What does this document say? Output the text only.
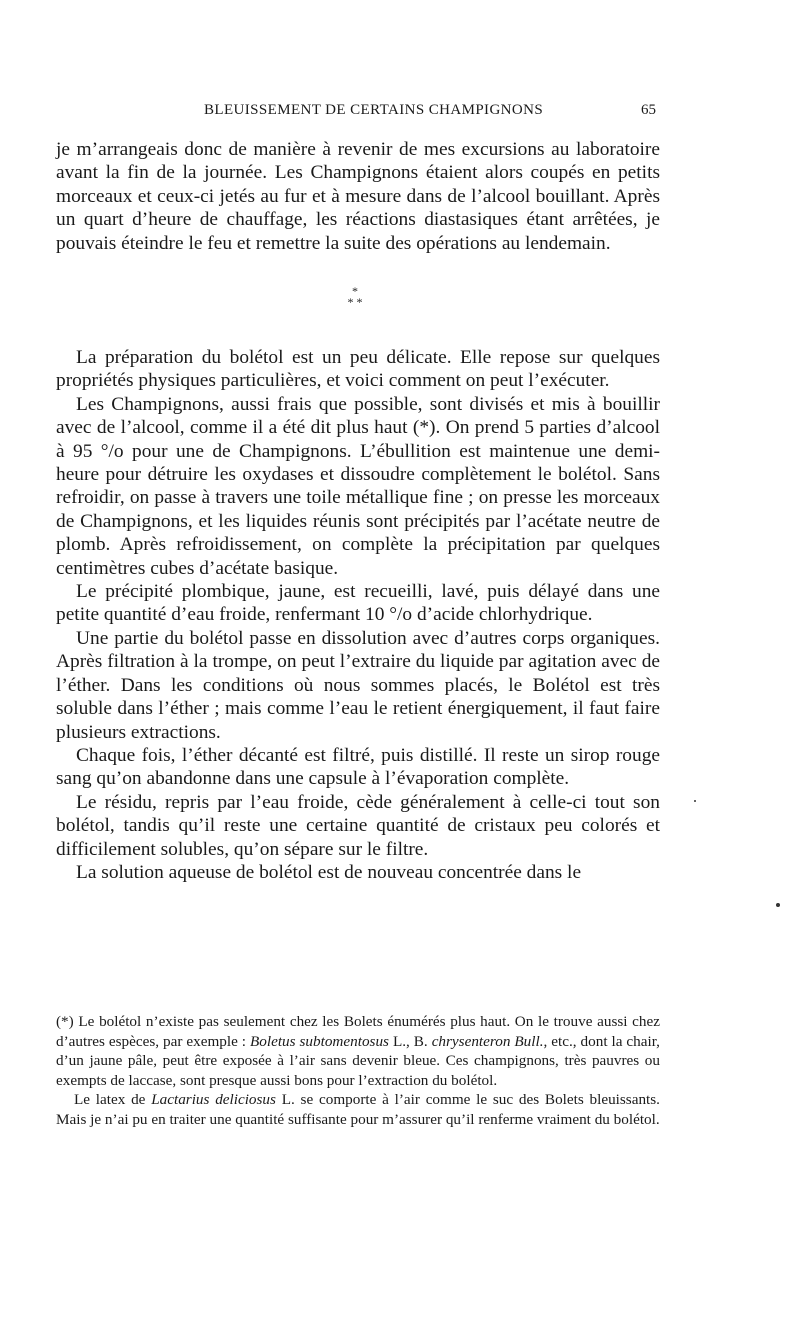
BLEUISSEMENT DE CERTAINS CHAMPIGNONS	65

je m’arrangeais donc de manière à revenir de mes excursions au laboratoire avant la fin de la journée. Les Champignons étaient alors coupés en petits morceaux et ceux-ci jetés au fur et à mesure dans de l’alcool bouillant. Après un quart d’heure de chauffage, les réactions diastasiques étant arrêtées, je pouvais éteindre le feu et remettre la suite des opérations au lendemain.

*
* *

La préparation du bolétol est un peu délicate. Elle repose sur quelques propriétés physiques particulières, et voici comment on peut l’exécuter.

Les Champignons, aussi frais que possible, sont divisés et mis à bouillir avec de l’alcool, comme il a été dit plus haut (*). On prend 5 parties d’alcool à 95 °/o pour une de Champignons. L’ébullition est maintenue une demi-heure pour détruire les oxydases et dissoudre complètement le bolétol. Sans refroidir, on passe à travers une toile métallique fine ; on presse les morceaux de Champignons, et les liquides réunis sont précipités par l’acétate neutre de plomb. Après refroidissement, on complète la précipitation par quelques centimètres cubes d’acétate basique.

Le précipité plombique, jaune, est recueilli, lavé, puis délayé dans une petite quantité d’eau froide, renfermant 10 °/o d’acide chlorhydrique.

Une partie du bolétol passe en dissolution avec d’autres corps organiques. Après filtration à la trompe, on peut l’extraire du liquide par agitation avec de l’éther. Dans les conditions où nous sommes placés, le Bolétol est très soluble dans l’éther ; mais comme l’eau le retient énergiquement, il faut faire plusieurs extractions.

Chaque fois, l’éther décanté est filtré, puis distillé. Il reste un sirop rouge sang qu’on abandonne dans une capsule à l’évaporation complète.

Le résidu, repris par l’eau froide, cède généralement à celle-ci tout son bolétol, tandis qu’il reste une certaine quantité de cristaux peu colorés et difficilement solubles, qu’on sépare sur le filtre.

La solution aqueuse de bolétol est de nouveau concentrée dans le

(*) Le bolétol n’existe pas seulement chez les Bolets énumérés plus haut. On le trouve aussi chez d’autres espèces, par exemple : Boletus subtomentosus L., B. chrysenteron Bull., etc., dont la chair, d’un jaune pâle, peut être exposée à l’air sans devenir bleue. Ces champignons, très pauvres ou exempts de laccase, sont presque aussi bons pour l’extraction du bolétol.

Le latex de Lactarius deliciosus L. se comporte à l’air comme le suc des Bolets bleuissants. Mais je n’ai pu en traiter une quantité suffisante pour m’assurer qu’il renferme vraiment du bolétol.
